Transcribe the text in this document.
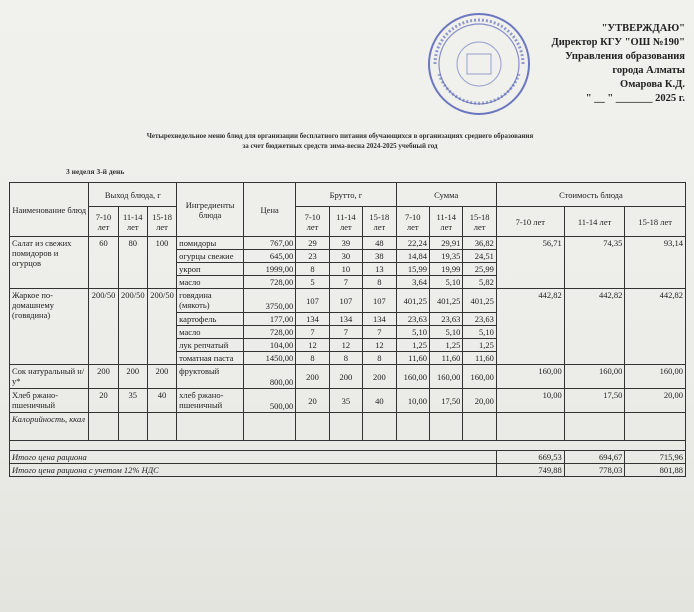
"УТВЕРЖДАЮ"
Директор КГУ "ОШ №190"
Управления образования
города Алматы
Омарова К.Д.
" __ " _______ 2025 г.
Четырехнедельное меню блюд для организации бесплатного питания обучающихся в организациях среднего образования
за счет бюджетных средств зима-весна 2024-2025 учебный год
3 неделя 3-й день
Наименование блюд	Выход блюда, г			Ингредиенты блюда	Цена	Брутто, г			Сумма			Стоимость блюда		
	7-10 лет	11-14 лет	15-18 лет			7-10 лет	11-14 лет	15-18 лет	7-10 лет	11-14 лет	15-18 лет	7-10 лет	11-14 лет	15-18 лет
Салат из свежих помидоров и огурцов	60	80	100	помидоры	767,00	29	39	48	22,24	29,91	36,82	56,71	74,35	93,14
				огурцы свежие	645,00	23	30	38	14,84	19,35	24,51			
				укроп	1999,00	8	10	13	15,99	19,99	25,99			
				масло	728,00	5	7	8	3,64	5,10	5,82			
Жаркое по-домашнему (говядина)	200/50	200/50	200/50	говядина (мякоть)	3750,00	107	107	107	401,25	401,25	401,25	442,82	442,82	442,82
				картофель	177,00	134	134	134	23,63	23,63	23,63			
				масло	728,00	7	7	7	5,10	5,10	5,10			
				лук репчатый	104,00	12	12	12	1,25	1,25	1,25			
				томатная паста	1450,00	8	8	8	11,60	11,60	11,60			
Сок натуральный н/у*	200	200	200	фруктовый	800,00	200	200	200	160,00	160,00	160,00	160,00	160,00	160,00
Хлеб ржано-пшеничный	20	35	40	хлеб ржано-пшеничный	500,00	20	35	40	10,00	17,50	20,00	10,00	17,50	20,00
Калорийность, ккал														

Итого цена рациона												669,53	694,67	715,96
Итого цена рациона с учетом 12% НДС												749,88	778,03	801,88
